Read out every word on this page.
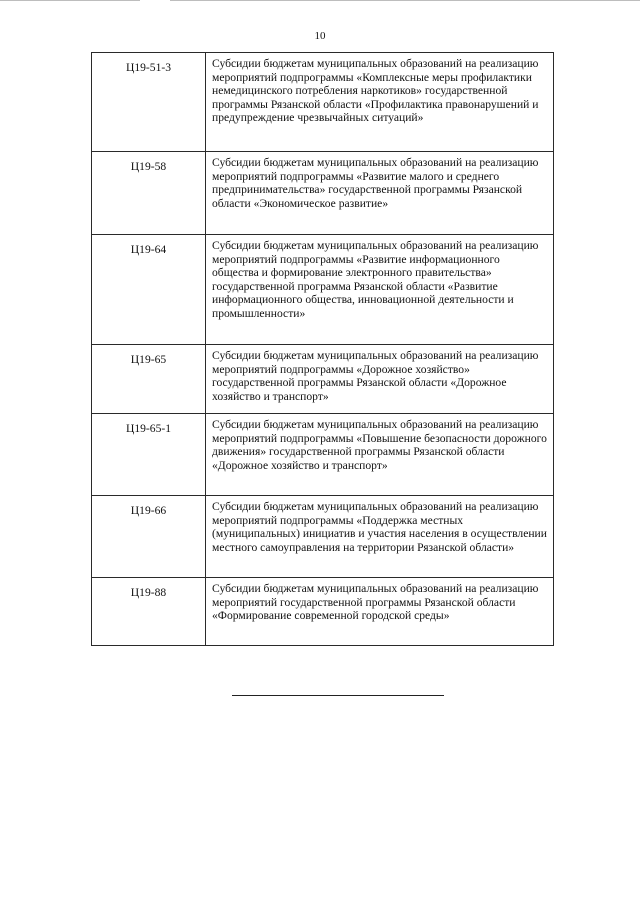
10
Ц19-51-3	Субсидии бюджетам муниципальных образований на реализацию мероприятий подпрограммы «Комплексные меры профилактики немедицинского потребления наркотиков» государственной программы Рязанской области «Профилактика правонарушений и предупреждение чрезвычайных ситуаций»
Ц19-58	Субсидии бюджетам муниципальных образований на реализацию мероприятий подпрограммы «Развитие малого и среднего предпринимательства» государственной программы Рязанской области «Экономическое развитие»
Ц19-64	Субсидии бюджетам муниципальных образований на реализацию мероприятий подпрограммы «Развитие информационного общества и формирование электронного правительства» государственной программа Рязанской области «Развитие информационного общества, инновационной деятельности и промышленности»
Ц19-65	Субсидии бюджетам муниципальных образований на реализацию мероприятий подпрограммы «Дорожное хозяйство» государственной программы Рязанской области «Дорожное хозяйство и транспорт»
Ц19-65-1	Субсидии бюджетам муниципальных образований на реализацию мероприятий подпрограммы «Повышение безопасности дорожного движения» государственной программы Рязанской области «Дорожное хозяйство и транспорт»
Ц19-66	Субсидии бюджетам муниципальных образований на реализацию мероприятий подпрограммы «Поддержка местных (муниципальных) инициатив и участия населения в осуществлении местного самоуправления на территории Рязанской области»
Ц19-88	Субсидии бюджетам муниципальных образований на реализацию мероприятий государственной программы Рязанской области «Формирование современной городской среды»
